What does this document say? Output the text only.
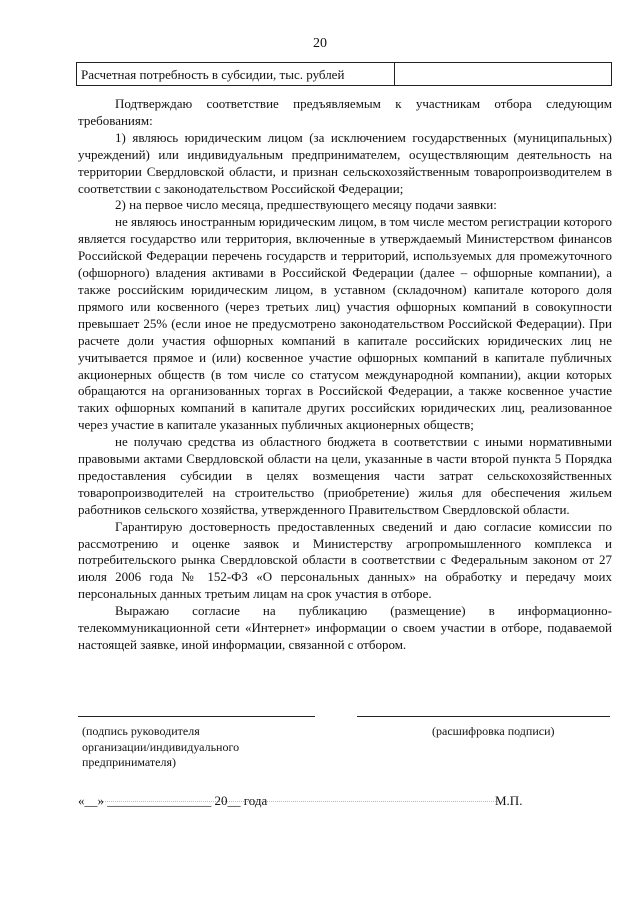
20
Расчетная потребность в субсидии, тыс. рублей

Подтверждаю соответствие предъявляемым к участникам отбора следующим требованиям:

1) являюсь юридическим лицом (за исключением государственных (муниципальных) учреждений) или индивидуальным предпринимателем, осуществляющим деятельность на территории Свердловской области, и признан сельскохозяйственным товаропроизводителем в соответствии с законодательством Российской Федерации;

2) на первое число месяца, предшествующего месяцу подачи заявки:

не являюсь иностранным юридическим лицом, в том числе местом регистрации которого является государство или территория, включенные в утверждаемый Министерством финансов Российской Федерации перечень государств и территорий, используемых для промежуточного (офшорного) владения активами в Российской Федерации (далее – офшорные компании), а также российским юридическим лицом, в уставном (складочном) капитале которого доля прямого или косвенного (через третьих лиц) участия офшорных компаний в совокупности превышает 25% (если иное не предусмотрено законодательством Российской Федерации). При расчете доли участия офшорных компаний в капитале российских юридических лиц не учитывается прямое и (или) косвенное участие офшорных компаний в капитале публичных акционерных обществ (в том числе со статусом международной компании), акции которых обращаются на организованных торгах в Российской Федерации, а также косвенное участие таких офшорных компаний в капитале других российских юридических лиц, реализованное через участие в капитале указанных публичных акционерных обществ;

не получаю средства из областного бюджета в соответствии с иными нормативными правовыми актами Свердловской области на цели, указанные в части второй пункта 5 Порядка предоставления субсидии в целях возмещения части затрат сельскохозяйственных товаропроизводителей на строительство (приобретение) жилья для обеспечения жильем работников сельского хозяйства, утвержденного Правительством Свердловской области.

Гарантирую достоверность предоставленных сведений и даю согласие комиссии по рассмотрению и оценке заявок и Министерству агропромышленного комплекса и потребительского рынка Свердловской области в соответствии с Федеральным законом от 27 июля 2006 года № 152-ФЗ «О персональных данных» на обработку и передачу моих персональных данных третьим лицам на срок участия в отборе.

Выражаю согласие на публикацию (размещение) в информационно-телекоммуникационной сети «Интернет» информации о своем участии в отборе, подаваемой настоящей заявке, иной информации, связанной с отбором.

(подпись руководителя
организации/индивидуального
предпринимателя)
(расшифровка подписи)
«__» ________________ 20__ года	М.П.
